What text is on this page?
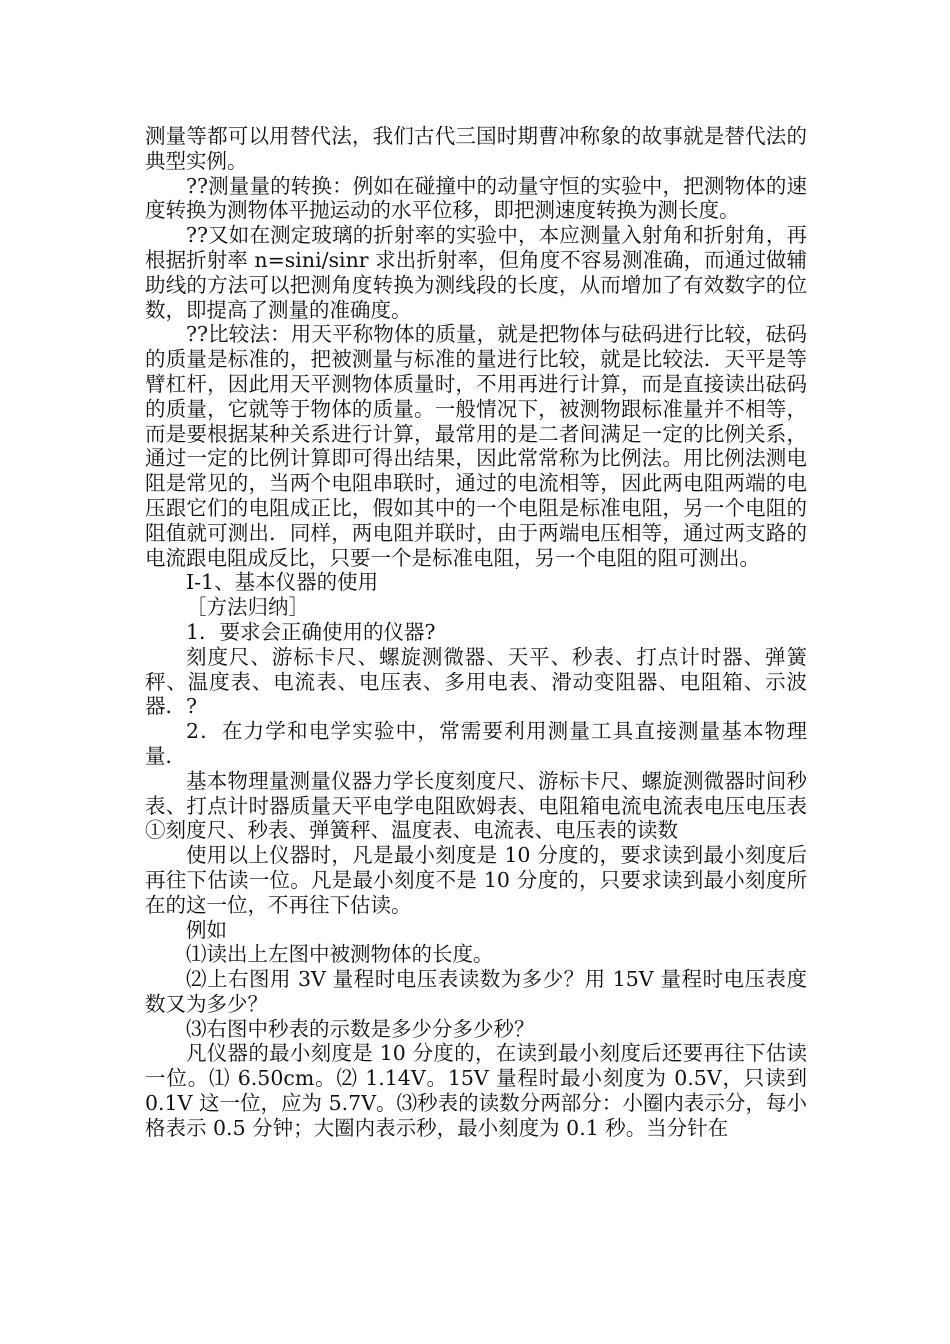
测量等都可以用替代法，我们古代三国时期曹冲称象的故事就是替代法的典型实例。

??测量量的转换：例如在碰撞中的动量守恒的实验中，把测物体的速度转换为测物体平抛运动的水平位移，即把测速度转换为测长度。

??又如在测定玻璃的折射率的实验中，本应测量入射角和折射角，再根据折射率 n=sini/sinr 求出折射率，但角度不容易测准确，而通过做辅助线的方法可以把测角度转换为测线段的长度，从而增加了有效数字的位数，即提高了测量的准确度。

??比较法：用天平称物体的质量，就是把物体与砝码进行比较，砝码的质量是标准的，把被测量与标准的量进行比较，就是比较法．天平是等臂杠杆，因此用天平测物体质量时，不用再进行计算，而是直接读出砝码的质量，它就等于物体的质量。一般情况下，被测物跟标准量并不相等，而是要根据某种关系进行计算，最常用的是二者间满足一定的比例关系，通过一定的比例计算即可得出结果，因此常常称为比例法。用比例法测电阻是常见的，当两个电阻串联时，通过的电流相等，因此两电阻两端的电压跟它们的电阻成正比，假如其中的一个电阻是标准电阻，另一个电阻的阻值就可测出．同样，两电阻并联时，由于两端电压相等，通过两支路的电流跟电阻成反比，只要一个是标准电阻，另一个电阻的阻可测出。

Ⅰ-1、基本仪器的使用

［方法归纳］

1．要求会正确使用的仪器?

刻度尺、游标卡尺、螺旋测微器、天平、秒表、打点计时器、弹簧秤、温度表、电流表、电压表、多用电表、滑动变阻器、电阻箱、示波器．?

2．在力学和电学实验中，常需要利用测量工具直接测量基本物理量．

基本物理量测量仪器力学长度刻度尺、游标卡尺、螺旋测微器时间秒表、打点计时器质量天平电学电阻欧姆表、电阻箱电流电流表电压电压表①刻度尺、秒表、弹簧秤、温度表、电流表、电压表的读数

使用以上仪器时，凡是最小刻度是 10 分度的，要求读到最小刻度后再往下估读一位。凡是最小刻度不是 10 分度的，只要求读到最小刻度所在的这一位，不再往下估读。

例如

⑴读出上左图中被测物体的长度。

⑵上右图用 3V 量程时电压表读数为多少？用 15V 量程时电压表度数又为多少？

⑶右图中秒表的示数是多少分多少秒？

凡仪器的最小刻度是 10 分度的，在读到最小刻度后还要再往下估读一位。⑴ 6.50cm。⑵ 1.14V。15V 量程时最小刻度为 0.5V，只读到 0.1V 这一位，应为 5.7V。⑶秒表的读数分两部分：小圈内表示分，每小格表示 0.5 分钟；大圈内表示秒，最小刻度为 0.1 秒。当分针在
